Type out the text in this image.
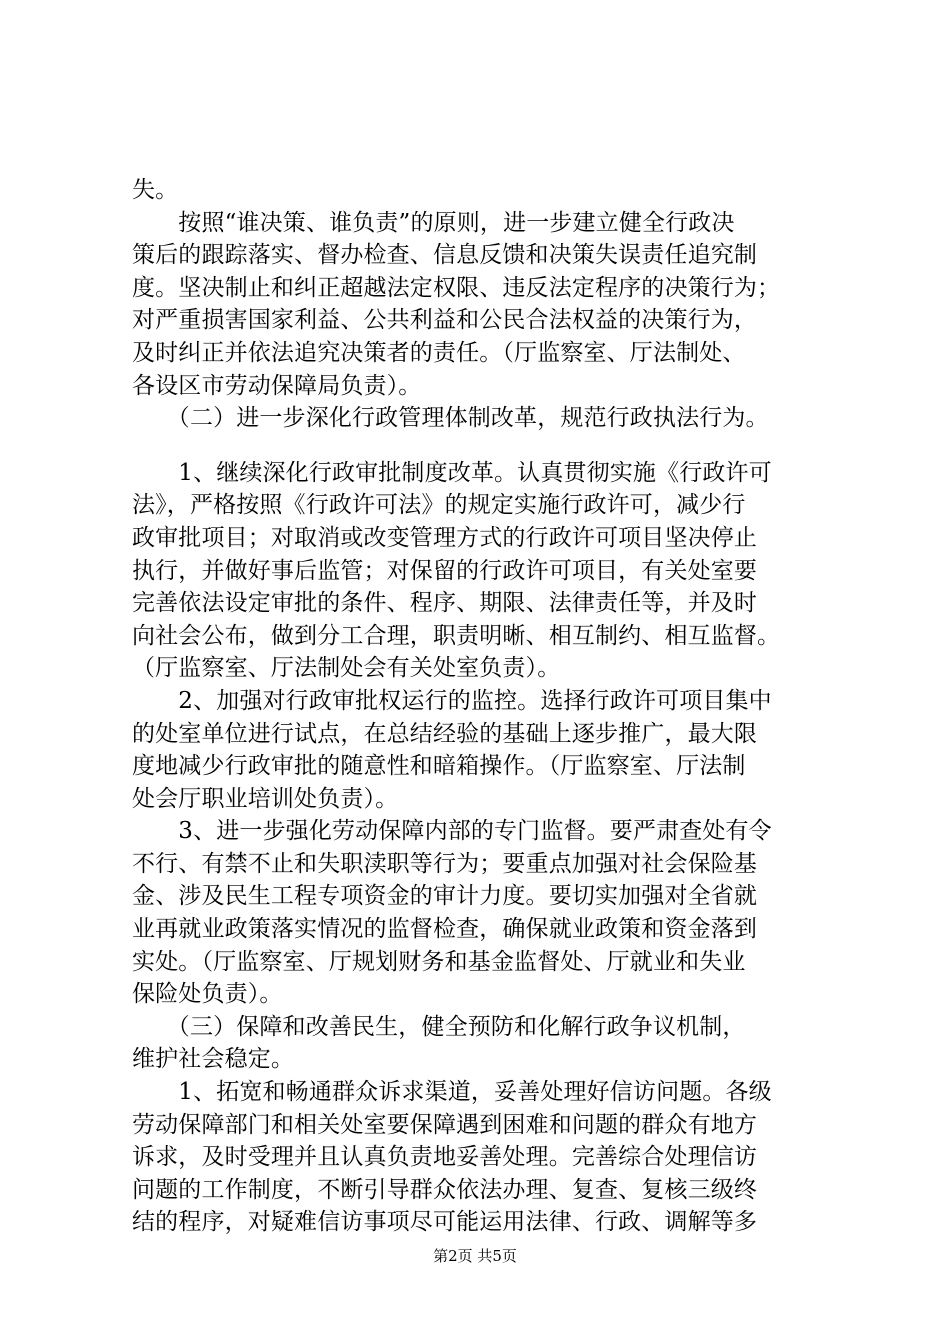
失。
　　按照“谁决策、谁负责”的原则，进一步建立健全行政决
策后的跟踪落实、督办检查、信息反馈和决策失误责任追究制
度。坚决制止和纠正超越法定权限、违反法定程序的决策行为；
对严重损害国家利益、公共利益和公民合法权益的决策行为，
及时纠正并依法追究决策者的责任。（厅监察室、厅法制处、
各设区市劳动保障局负责）。
　　（二）进一步深化行政管理体制改革，规范行政执法行为。
　　1、继续深化行政审批制度改革。认真贯彻实施《行政许可
法》，严格按照《行政许可法》的规定实施行政许可，减少行
政审批项目；对取消或改变管理方式的行政许可项目坚决停止
执行，并做好事后监管；对保留的行政许可项目，有关处室要
完善依法设定审批的条件、程序、期限、法律责任等，并及时
向社会公布，做到分工合理，职责明晰、相互制约、相互监督。
（厅监察室、厅法制处会有关处室负责）。
　　2、加强对行政审批权运行的监控。选择行政许可项目集中
的处室单位进行试点，在总结经验的基础上逐步推广，最大限
度地减少行政审批的随意性和暗箱操作。（厅监察室、厅法制
处会厅职业培训处负责）。
　　3、进一步强化劳动保障内部的专门监督。要严肃查处有令
不行、有禁不止和失职渎职等行为；要重点加强对社会保险基
金、涉及民生工程专项资金的审计力度。要切实加强对全省就
业再就业政策落实情况的监督检查，确保就业政策和资金落到
实处。（厅监察室、厅规划财务和基金监督处、厅就业和失业
保险处负责）。
　　（三）保障和改善民生，健全预防和化解行政争议机制，
维护社会稳定。
　　1、拓宽和畅通群众诉求渠道，妥善处理好信访问题。各级
劳动保障部门和相关处室要保障遇到困难和问题的群众有地方
诉求，及时受理并且认真负责地妥善处理。完善综合处理信访
问题的工作制度，不断引导群众依法办理、复查、复核三级终
结的程序，对疑难信访事项尽可能运用法律、行政、调解等多
第2页 共5页
